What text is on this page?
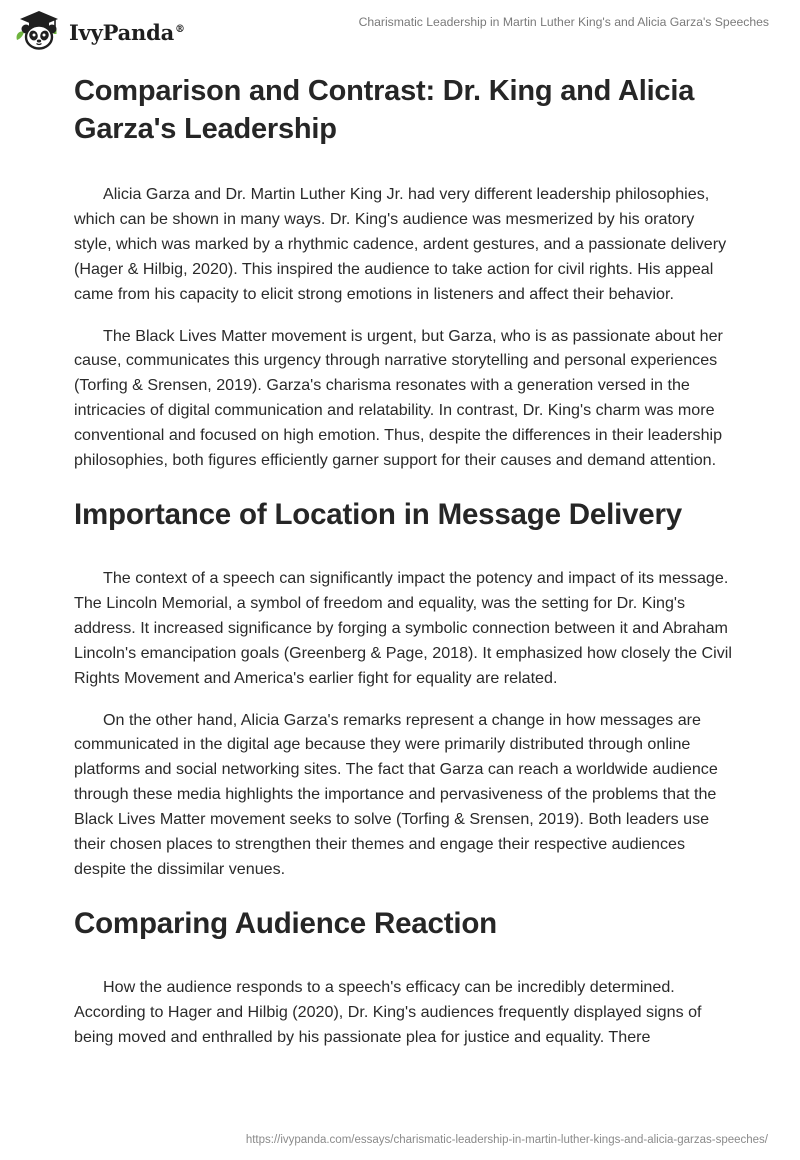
IvyPanda®	Charismatic Leadership in Martin Luther King's and Alicia Garza's Speeches
Comparison and Contrast: Dr. King and Alicia Garza's Leadership

Alicia Garza and Dr. Martin Luther King Jr. had very different leadership philosophies, which can be shown in many ways. Dr. King's audience was mesmerized by his oratory style, which was marked by a rhythmic cadence, ardent gestures, and a passionate delivery (Hager & Hilbig, 2020). This inspired the audience to take action for civil rights. His appeal came from his capacity to elicit strong emotions in listeners and affect their behavior.

The Black Lives Matter movement is urgent, but Garza, who is as passionate about her cause, communicates this urgency through narrative storytelling and personal experiences (Torfing & Srensen, 2019). Garza's charisma resonates with a generation versed in the intricacies of digital communication and relatability. In contrast, Dr. King's charm was more conventional and focused on high emotion. Thus, despite the differences in their leadership philosophies, both figures efficiently garner support for their causes and demand attention.

Importance of Location in Message Delivery

The context of a speech can significantly impact the potency and impact of its message. The Lincoln Memorial, a symbol of freedom and equality, was the setting for Dr. King's address. It increased significance by forging a symbolic connection between it and Abraham Lincoln's emancipation goals (Greenberg & Page, 2018). It emphasized how closely the Civil Rights Movement and America's earlier fight for equality are related.

On the other hand, Alicia Garza's remarks represent a change in how messages are communicated in the digital age because they were primarily distributed through online platforms and social networking sites. The fact that Garza can reach a worldwide audience through these media highlights the importance and pervasiveness of the problems that the Black Lives Matter movement seeks to solve (Torfing & Srensen, 2019). Both leaders use their chosen places to strengthen their themes and engage their respective audiences despite the dissimilar venues.

Comparing Audience Reaction

How the audience responds to a speech's efficacy can be incredibly determined. According to Hager and Hilbig (2020), Dr. King's audiences frequently displayed signs of being moved and enthralled by his passionate plea for justice and equality. There

https://ivypanda.com/essays/charismatic-leadership-in-martin-luther-kings-and-alicia-garzas-speeches/
